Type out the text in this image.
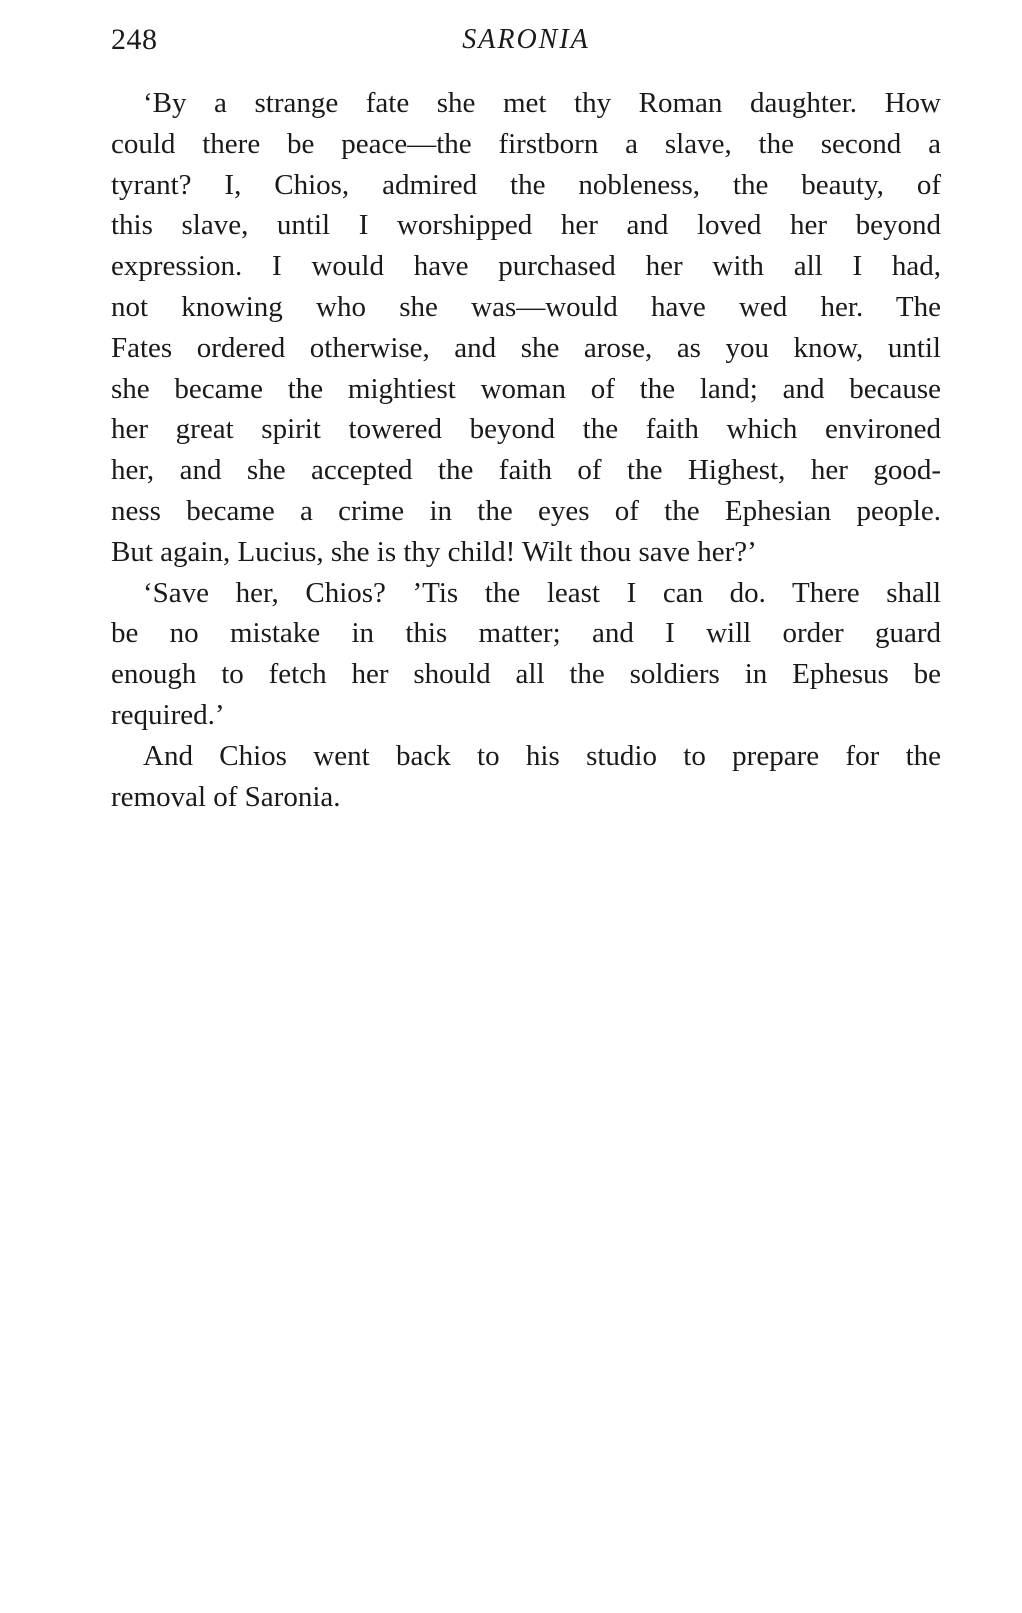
248	SARONIA

‘By a strange fate she met thy Roman daughter. How
could there be peace—the firstborn a slave, the second a
tyrant? I, Chios, admired the nobleness, the beauty, of
this slave, until I worshipped her and loved her beyond
expression. I would have purchased her with all I had,
not knowing who she was—would have wed her. The
Fates ordered otherwise, and she arose, as you know, until
she became the mightiest woman of the land; and because
her great spirit towered beyond the faith which environed
her, and she accepted the faith of the Highest, her good-
ness became a crime in the eyes of the Ephesian people.
But again, Lucius, she is thy child! Wilt thou save her?’

‘Save her, Chios? ’Tis the least I can do. There shall
be no mistake in this matter; and I will order guard
enough to fetch her should all the soldiers in Ephesus be
required.’

And Chios went back to his studio to prepare for the
removal of Saronia.
